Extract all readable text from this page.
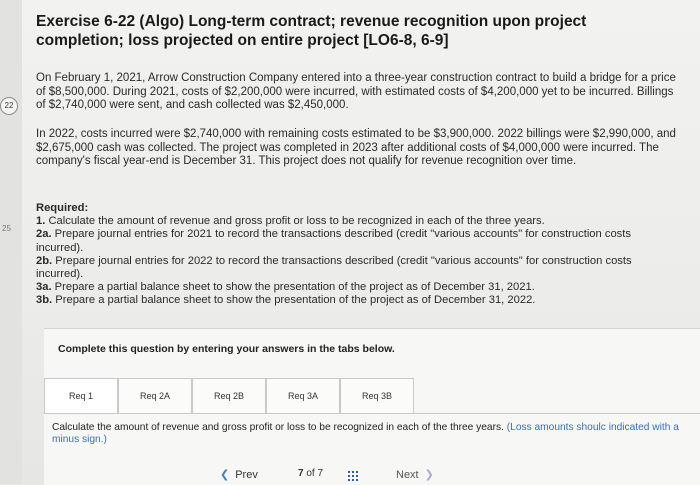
22
25
Exercise 6-22 (Algo) Long-term contract; revenue recognition upon project completion; loss projected on entire project [LO6-8, 6-9]
On February 1, 2021, Arrow Construction Company entered into a three-year construction contract to build a bridge for a price of $8,500,000. During 2021, costs of $2,200,000 were incurred, with estimated costs of $4,200,000 yet to be incurred. Billings of $2,740,000 were sent, and cash collected was $2,450,000.
In 2022, costs incurred were $2,740,000 with remaining costs estimated to be $3,900,000. 2022 billings were $2,990,000, and $2,675,000 cash was collected. The project was completed in 2023 after additional costs of $4,000,000 were incurred. The company's fiscal year-end is December 31. This project does not qualify for revenue recognition over time.
Required:
1. Calculate the amount of revenue and gross profit or loss to be recognized in each of the three years.
2a. Prepare journal entries for 2021 to record the transactions described (credit "various accounts" for construction costs incurred).
2b. Prepare journal entries for 2022 to record the transactions described (credit "various accounts" for construction costs incurred).
3a. Prepare a partial balance sheet to show the presentation of the project as of December 31, 2021.
3b. Prepare a partial balance sheet to show the presentation of the project as of December 31, 2022.
Complete this question by entering your answers in the tabs below.
Req 1	Req 2A	Req 2B	Req 3A	Req 3B
Calculate the amount of revenue and gross profit or loss to be recognized in each of the three years. (Loss amounts shoulc indicated with a minus sign.)
❮ Prev	7 of 7	Next ❯
